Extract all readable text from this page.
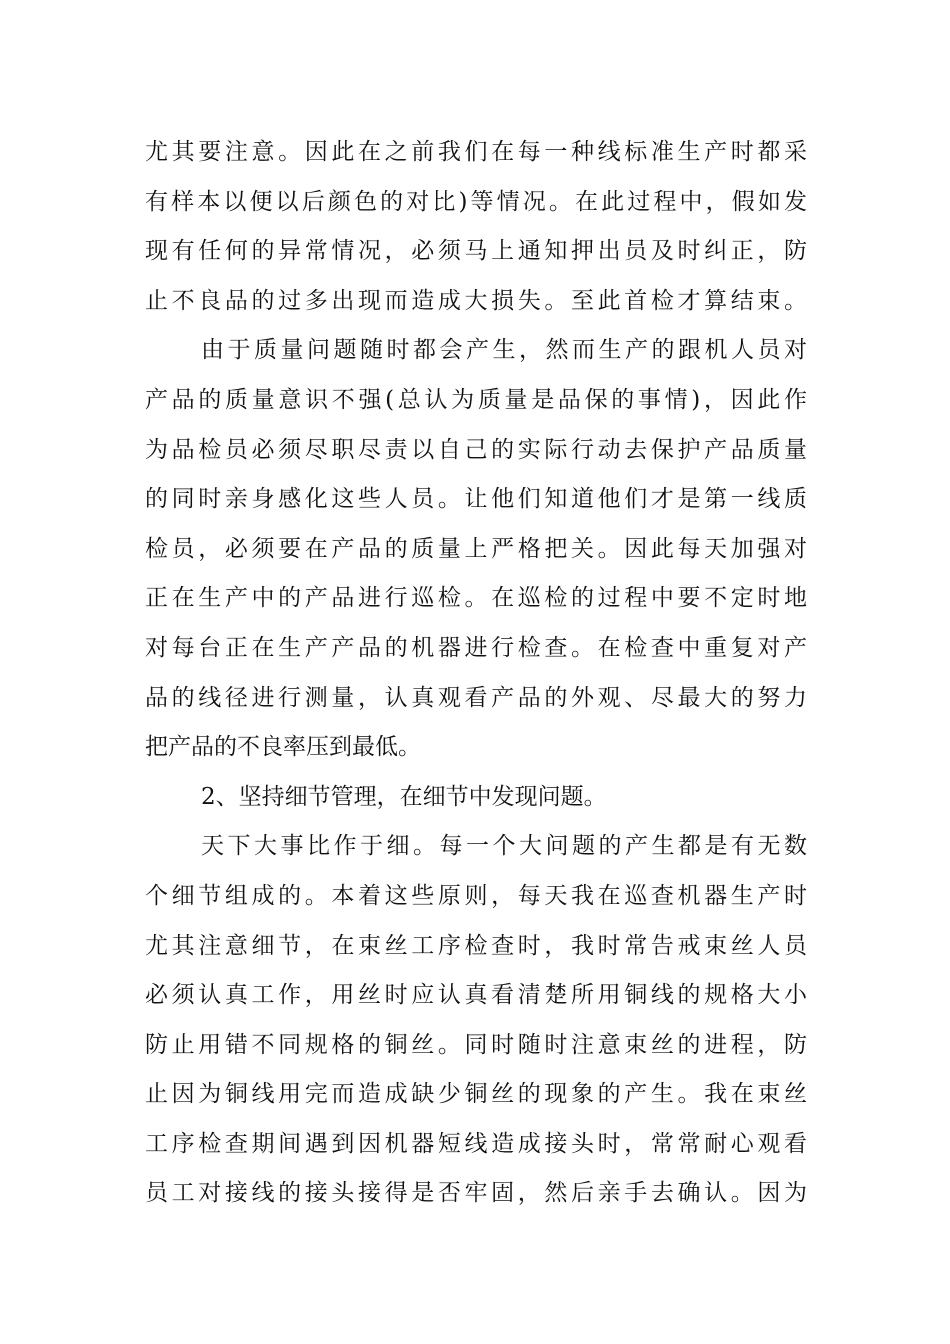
尤其要注意。因此在之前我们在每一种线标准生产时都采
有样本以便以后颜色的对比)等情况。在此过程中，假如发
现有任何的异常情况，必须马上通知押出员及时纠正，防
止不良品的过多出现而造成大损失。至此首检才算结束。
由于质量问题随时都会产生，然而生产的跟机人员对
产品的质量意识不强(总认为质量是品保的事情)，因此作
为品检员必须尽职尽责以自己的实际行动去保护产品质量
的同时亲身感化这些人员。让他们知道他们才是第一线质
检员，必须要在产品的质量上严格把关。因此每天加强对
正在生产中的产品进行巡检。在巡检的过程中要不定时地
对每台正在生产产品的机器进行检查。在检查中重复对产
品的线径进行测量，认真观看产品的外观、尽最大的努力
把产品的不良率压到最低。
2、坚持细节管理，在细节中发现问题。
天下大事比作于细。每一个大问题的产生都是有无数
个细节组成的。本着这些原则，每天我在巡查机器生产时
尤其注意细节，在束丝工序检查时，我时常告戒束丝人员
必须认真工作，用丝时应认真看清楚所用铜线的规格大小
防止用错不同规格的铜丝。同时随时注意束丝的进程，防
止因为铜线用完而造成缺少铜丝的现象的产生。我在束丝
工序检查期间遇到因机器短线造成接头时，常常耐心观看
员工对接线的接头接得是否牢固，然后亲手去确认。因为
